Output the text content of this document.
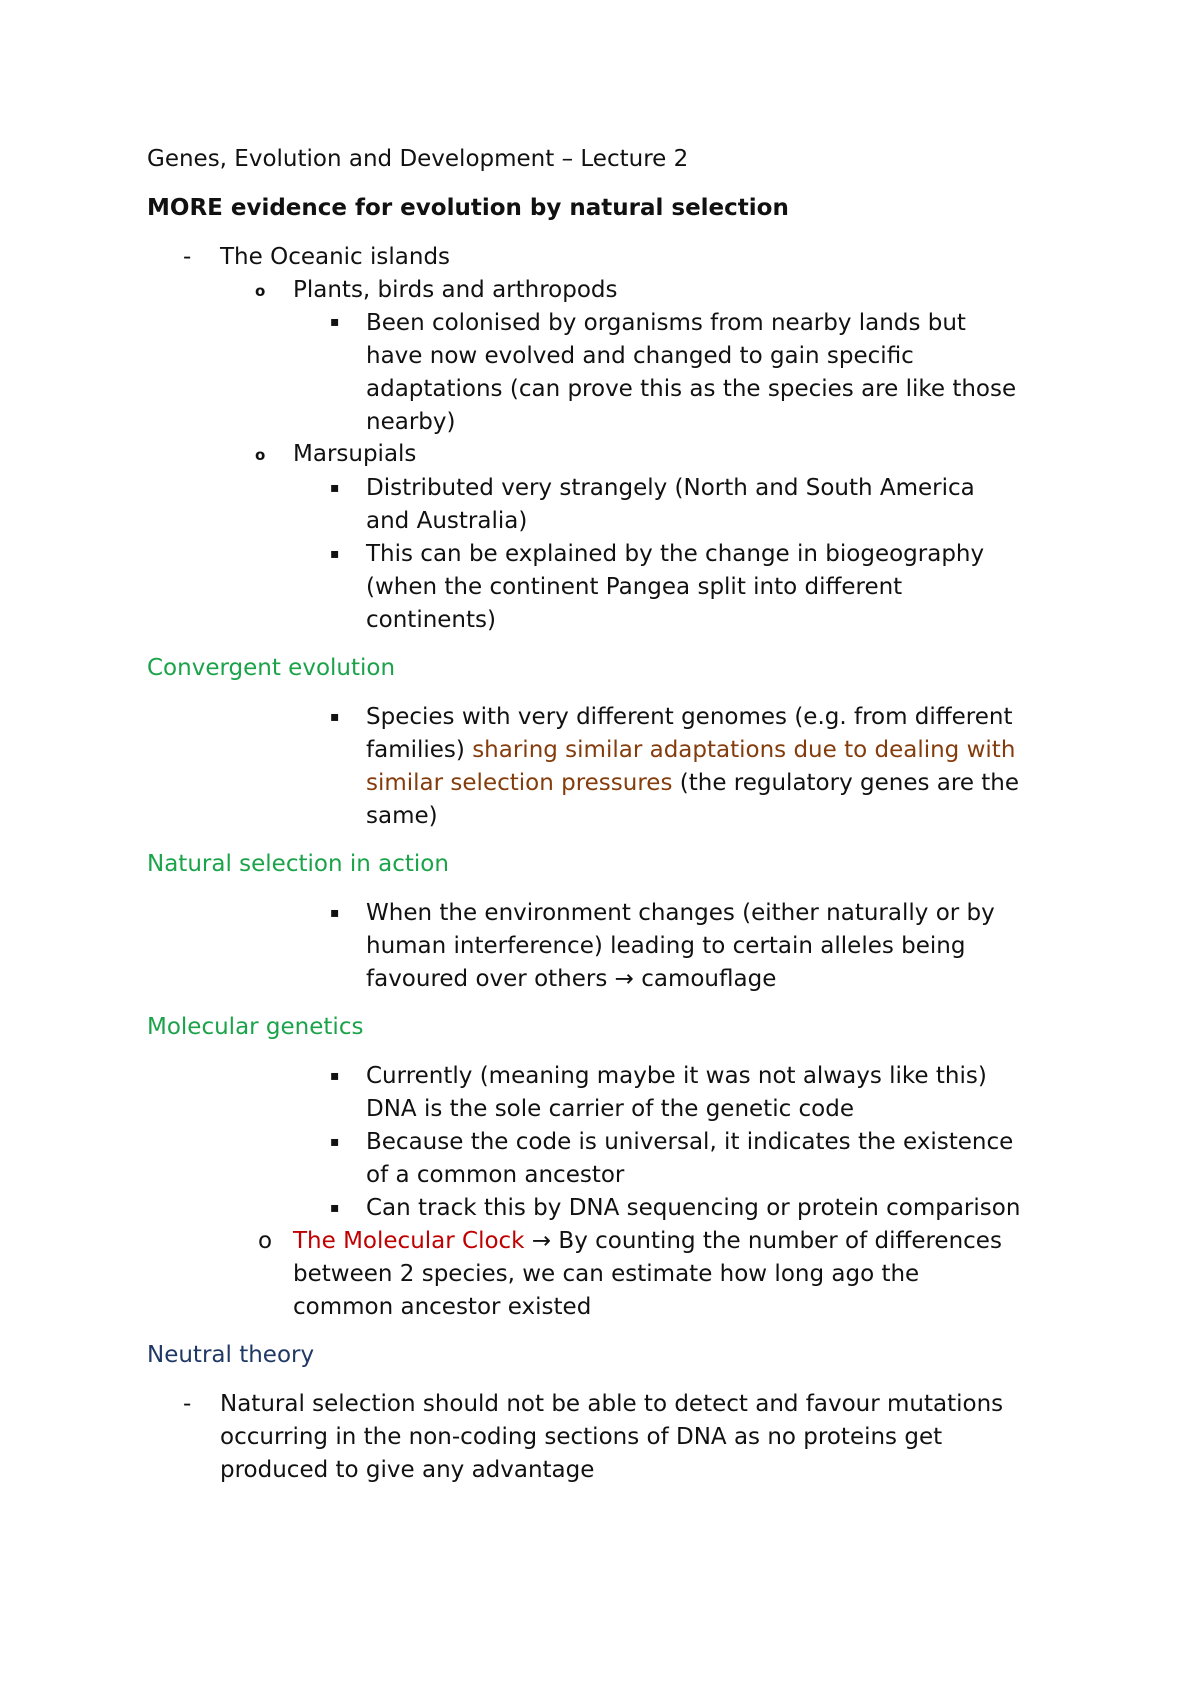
Genes, Evolution and Development – Lecture 2
MORE evidence for evolution by natural selection
- The Oceanic islands
o Plants, birds and arthropods
▪ Been colonised by organisms from nearby lands but
have now evolved and changed to gain specific
adaptations (can prove this as the species are like those
nearby)
o Marsupials
▪ Distributed very strangely (North and South America
and Australia)
▪ This can be explained by the change in biogeography
(when the continent Pangea split into different
continents)
Convergent evolution
▪ Species with very different genomes (e.g. from different
families) sharing similar adaptations due to dealing with
similar selection pressures (the regulatory genes are the
same)
Natural selection in action
▪ When the environment changes (either naturally or by
human interference) leading to certain alleles being
favoured over others → camouflage
Molecular genetics
▪ Currently (meaning maybe it was not always like this)
DNA is the sole carrier of the genetic code
▪ Because the code is universal, it indicates the existence
of a common ancestor
▪ Can track this by DNA sequencing or protein comparison
o The Molecular Clock → By counting the number of differences
between 2 species, we can estimate how long ago the
common ancestor existed
Neutral theory
- Natural selection should not be able to detect and favour mutations
occurring in the non-coding sections of DNA as no proteins get
produced to give any advantage
